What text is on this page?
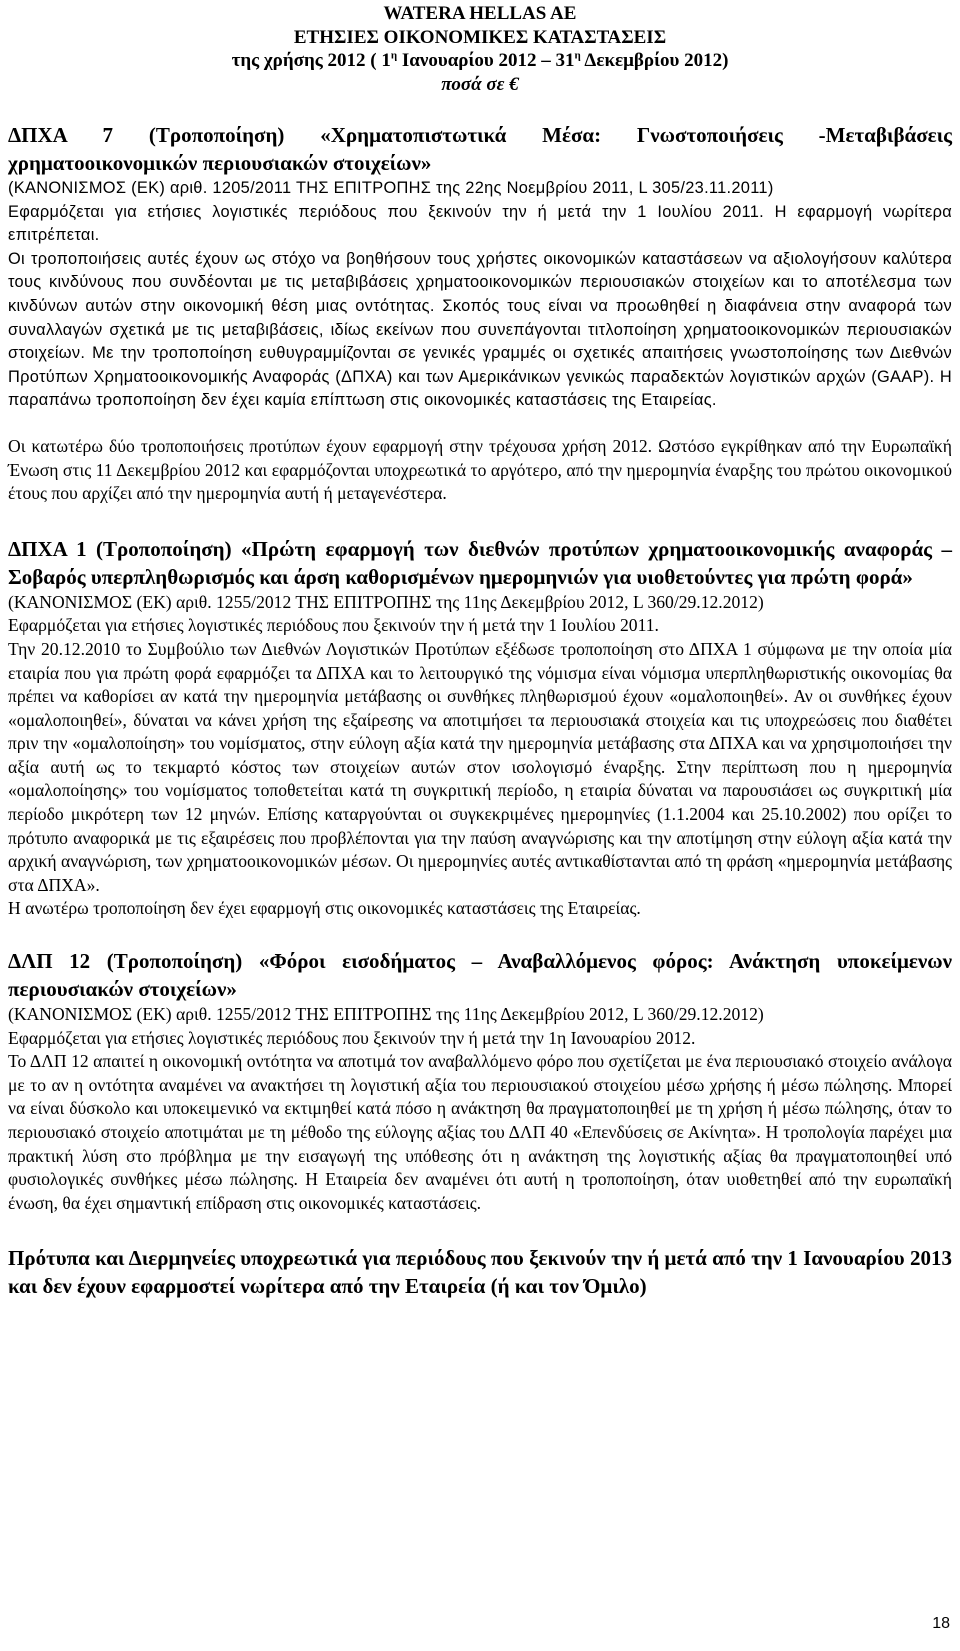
WATERA HELLAS AE
ΕΤΗΣΙΕΣ ΟΙΚΟΝΟΜΙΚΕΣ ΚΑΤΑΣΤΑΣΕΙΣ
της χρήσης 2012 ( $1^\eta$ Ιανουαρίου $2012 - 31^\eta$ Δεκεμβρίου 2012)
ποσά σε €
ΔΠΧΑ 7 (Τροποποίηση) «Χρηματοπιστωτικά Μέσα: Γνωστοποιήσεις -Μεταβιβάσεις χρηματοοικονομικών περιουσιακών στοιχείων»

(ΚΑΝΟΝΙΣΜΟΣ (ΕΚ) αριθ. 1205/2011 ΤΗΣ ΕΠΙΤΡΟΠΗΣ της 22ης Νοεμβρίου 2011, L 305/23.11.2011)

Εφαρμόζεται για ετήσιες λογιστικές περιόδους που ξεκινούν την ή μετά την 1 Ιουλίου 2011. Η εφαρμογή νωρίτερα επιτρέπεται.

Οι τροποποιήσεις αυτές έχουν ως στόχο να βοηθήσουν τους χρήστες οικονομικών καταστάσεων να αξιολογήσουν καλύτερα τους κινδύνους που συνδέονται με τις μεταβιβάσεις χρηματοοικονομικών περιουσιακών στοιχείων και το αποτέλεσμα των κινδύνων αυτών στην οικονομική θέση μιας οντότητας. Σκοπός τους είναι να προωθηθεί η διαφάνεια στην αναφορά των συναλλαγών σχετικά με τις μεταβιβάσεις, ιδίως εκείνων που συνεπάγονται τιτλοποίηση χρηματοοικονομικών περιουσιακών στοιχείων. Με την τροποποίηση ευθυγραμμίζονται σε γενικές γραμμές οι σχετικές απαιτήσεις γνωστοποίησης των Διεθνών Προτύπων Χρηματοοικονομικής Αναφοράς (ΔΠΧΑ) και των Αμερικάνικων γενικώς παραδεκτών λογιστικών αρχών (GAAP). Η παραπάνω τροποποίηση δεν έχει καμία επίπτωση στις οικονομικές καταστάσεις της Εταιρείας.

Οι κατωτέρω δύο τροποποιήσεις προτύπων έχουν εφαρμογή στην τρέχουσα χρήση 2012. Ωστόσο εγκρίθηκαν από την Ευρωπαϊκή Ένωση στις 11 Δεκεμβρίου 2012 και εφαρμόζονται υποχρεωτικά το αργότερο, από την ημερομηνία έναρξης του πρώτου οικονομικού έτους που αρχίζει από την ημερομηνία αυτή ή μεταγενέστερα.

ΔΠΧΑ 1 (Τροποποίηση) «Πρώτη εφαρμογή των διεθνών προτύπων χρηματοοικονομικής αναφοράς – Σοβαρός υπερπληθωρισμός και άρση καθορισμένων ημερομηνιών για υιοθετούντες για πρώτη φορά»

(ΚΑΝΟΝΙΣΜΟΣ (ΕΚ) αριθ. 1255/2012 ΤΗΣ ΕΠΙΤΡΟΠΗΣ της 11ης Δεκεμβρίου 2012, L 360/29.12.2012)

Εφαρμόζεται για ετήσιες λογιστικές περιόδους που ξεκινούν την ή μετά την 1 Ιουλίου 2011.

Την 20.12.2010 το Συμβούλιο των Διεθνών Λογιστικών Προτύπων εξέδωσε τροποποίηση στο ΔΠΧΑ 1 σύμφωνα με την οποία μία εταιρία που για πρώτη φορά εφαρμόζει τα ΔΠΧΑ και το λειτουργικό της νόμισμα είναι νόμισμα υπερπληθωριστικής οικονομίας θα πρέπει να καθορίσει αν κατά την ημερομηνία μετάβασης οι συνθήκες πληθωρισμού έχουν «ομαλοποιηθεί». Αν οι συνθήκες έχουν «ομαλοποιηθεί», δύναται να κάνει χρήση της εξαίρεσης να αποτιμήσει τα περιουσιακά στοιχεία και τις υποχρεώσεις που διαθέτει πριν την «ομαλοποίηση» του νομίσματος, στην εύλογη αξία κατά την ημερομηνία μετάβασης στα ΔΠΧΑ και να χρησιμοποιήσει την αξία αυτή ως το τεκμαρτό κόστος των στοιχείων αυτών στον ισολογισμό έναρξης. Στην περίπτωση που η ημερομηνία «ομαλοποίησης» του νομίσματος τοποθετείται κατά τη συγκριτική περίοδο, η εταιρία δύναται να παρουσιάσει ως συγκριτική μία περίοδο μικρότερη των 12 μηνών. Επίσης καταργούνται οι συγκεκριμένες ημερομηνίες (1.1.2004 και 25.10.2002) που ορίζει το πρότυπο αναφορικά με τις εξαιρέσεις που προβλέπονται για την παύση αναγνώρισης και την αποτίμηση στην εύλογη αξία κατά την αρχική αναγνώριση, των χρηματοοικονομικών μέσων. Οι ημερομηνίες αυτές αντικαθίστανται από τη φράση «ημερομηνία μετάβασης στα ΔΠΧΑ».

Η ανωτέρω τροποποίηση δεν έχει εφαρμογή στις οικονομικές καταστάσεις της Εταιρείας.

ΔΛΠ 12 (Τροποποίηση) «Φόροι εισοδήματος – Αναβαλλόμενος φόρος: Ανάκτηση υποκείμενων περιουσιακών στοιχείων»

(ΚΑΝΟΝΙΣΜΟΣ (ΕΚ) αριθ. 1255/2012 ΤΗΣ ΕΠΙΤΡΟΠΗΣ της 11ης Δεκεμβρίου 2012, L 360/29.12.2012)

Εφαρμόζεται για ετήσιες λογιστικές περιόδους που ξεκινούν την ή μετά την 1η Ιανουαρίου 2012.

Το ΔΛΠ 12 απαιτεί η οικονομική οντότητα να αποτιμά τον αναβαλλόμενο φόρο που σχετίζεται με ένα περιουσιακό στοιχείο ανάλογα με το αν η οντότητα αναμένει να ανακτήσει τη λογιστική αξία του περιουσιακού στοιχείου μέσω χρήσης ή μέσω πώλησης. Μπορεί να είναι δύσκολο και υποκειμενικό να εκτιμηθεί κατά πόσο η ανάκτηση θα πραγματοποιηθεί με τη χρήση ή μέσω πώλησης, όταν το περιουσιακό στοιχείο αποτιμάται με τη μέθοδο της εύλογης αξίας του ΔΛΠ 40 «Επενδύσεις σε Ακίνητα». Η τροπολογία παρέχει μια πρακτική λύση στο πρόβλημα με την εισαγωγή της υπόθεσης ότι η ανάκτηση της λογιστικής αξίας θα πραγματοποιηθεί υπό φυσιολογικές συνθήκες μέσω πώλησης. Η Εταιρεία δεν αναμένει ότι αυτή η τροποποίηση, όταν υιοθετηθεί από την ευρωπαϊκή ένωση, θα έχει σημαντική επίδραση στις οικονομικές καταστάσεις.

Πρότυπα και Διερμηνείες υποχρεωτικά για περιόδους που ξεκινούν την ή μετά από την 1 Ιανουαρίου 2013 και δεν έχουν εφαρμοστεί νωρίτερα από την Εταιρεία (ή και τον Όμιλο)
18
